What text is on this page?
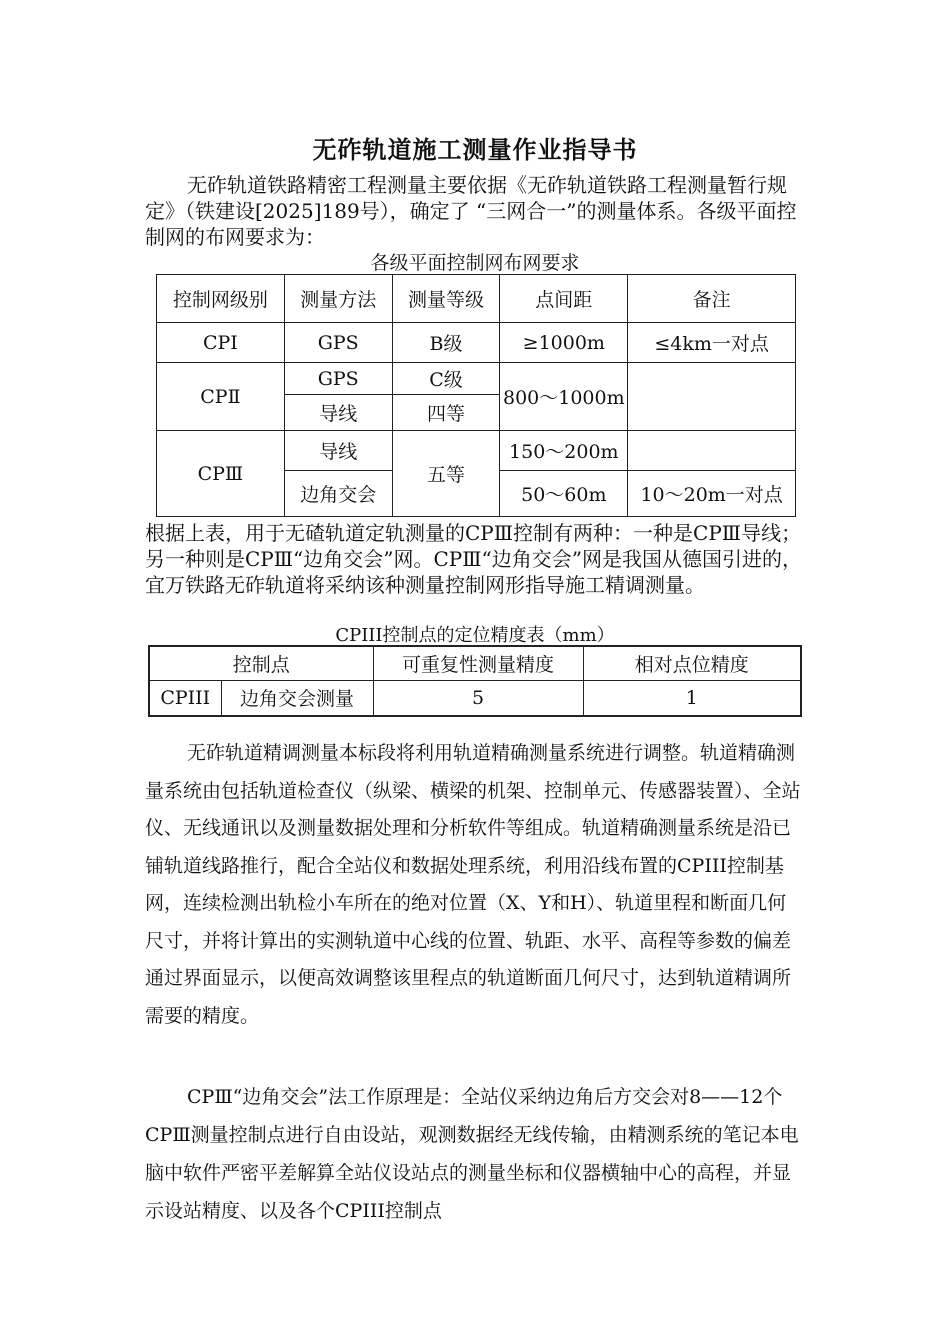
无砟轨道施工测量作业指导书
无砟轨道铁路精密工程测量主要依据《无砟轨道铁路工程测量暂行规定》（铁建设[2025]189号），确定了 “三网合一”的测量体系。各级平面控制网的布网要求为：
各级平面控制网布网要求
控制网级别	测量方法	测量等级	点间距	备注
CPⅠ	GPS	B级	≥1000m	≤4km一对点
CPⅡ	GPS	C级	800～1000m	
	导线	四等		
CPⅢ	导线	五等	150～200m	
	边角交会		50～60m	10～20m一对点
根据上表，用于无碴轨道定轨测量的CPⅢ控制有两种：一种是CPⅢ导线；另一种则是CPⅢ“边角交会”网。CPⅢ“边角交会”网是我国从德国引进的，宜万铁路无砟轨道将采纳该种测量控制网形指导施工精调测量。
CPIII控制点的定位精度表（mm）
控制点		可重复性测量精度	相对点位精度
CPIII	边角交会测量	5	1
无砟轨道精调测量本标段将利用轨道精确测量系统进行调整。轨道精确测量系统由包括轨道检查仪（纵梁、横梁的机架、控制单元、传感器装置）、全站仪、无线通讯以及测量数据处理和分析软件等组成。轨道精确测量系统是沿已铺轨道线路推行，配合全站仪和数据处理系统，利用沿线布置的CPIII控制基网，连续检测出轨检小车所在的绝对位置（X、Y和H）、轨道里程和断面几何尺寸，并将计算出的实测轨道中心线的位置、轨距、水平、高程等参数的偏差通过界面显示，以便高效调整该里程点的轨道断面几何尺寸，达到轨道精调所需要的精度。
CPⅢ“边角交会”法工作原理是：全站仪采纳边角后方交会对8——12个CPⅢ测量控制点进行自由设站，观测数据经无线传输，由精测系统的笔记本电脑中软件严密平差解算全站仪设站点的测量坐标和仪器横轴中心的高程，并显示设站精度、以及各个CPIII控制点
